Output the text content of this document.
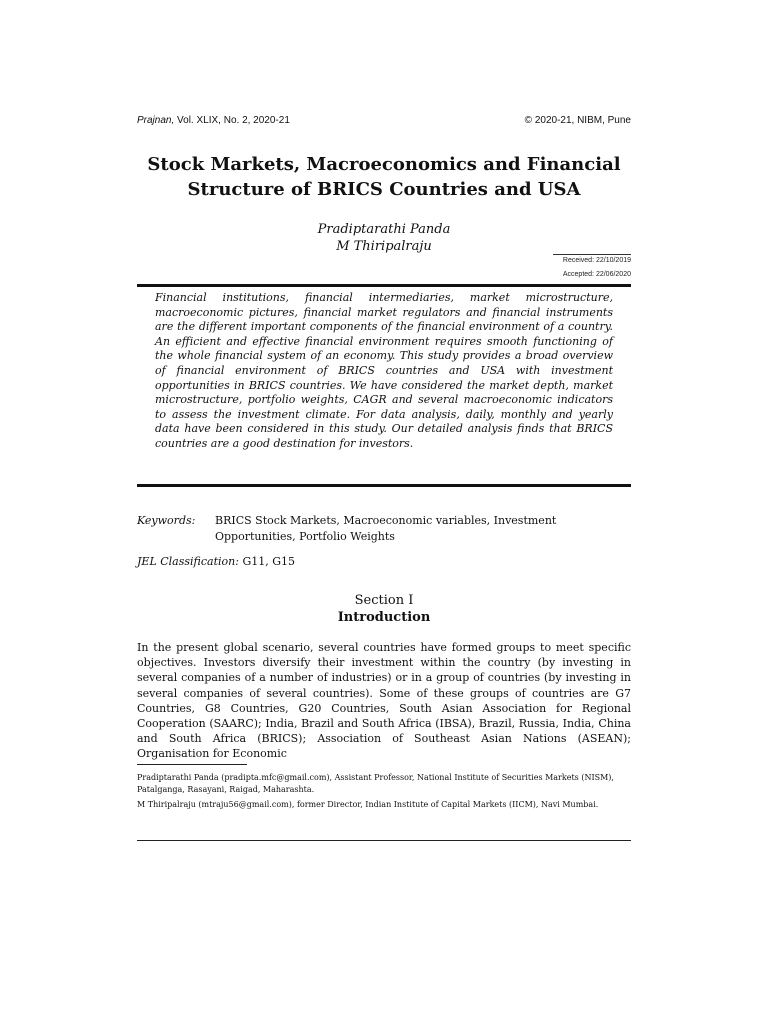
Prajnan, Vol. XLIX, No. 2, 2020-21	© 2020-21, NIBM, Pune
Stock Markets, Macroeconomics and Financial Structure of BRICS Countries and USA
Pradiptarathi Panda
M Thiripalraju
Received: 22/10/2019
Accepted: 22/06/2020
Financial institutions, financial intermediaries, market microstructure, macroeconomic pictures, financial market regulators and financial instruments are the different important components of the financial environment of a country. An efficient and effective financial environment requires smooth functioning of the whole financial system of an economy. This study provides a broad overview of financial environment of BRICS countries and USA with investment opportunities in BRICS countries. We have considered the market depth, market microstructure, portfolio weights, CAGR and several macroeconomic indicators to assess the investment climate. For data analysis, daily, monthly and yearly data have been considered in this study. Our detailed analysis finds that BRICS countries are a good destination for investors.
Keywords: BRICS Stock Markets, Macroeconomic variables, Investment Opportunities, Portfolio Weights
JEL Classification: G11, G15
Section I
Introduction
In the present global scenario, several countries have formed groups to meet specific objectives. Investors diversify their investment within the country (by investing in several companies of a number of industries) or in a group of countries (by investing in several companies of several countries). Some of these groups of countries are G7 Countries, G8 Countries, G20 Countries, South Asian Association for Regional Cooperation (SAARC); India, Brazil and South Africa (IBSA), Brazil, Russia, India, China and South Africa (BRICS); Association of Southeast Asian Nations (ASEAN); Organisation for Economic
Pradiptarathi Panda (pradipta.mfc@gmail.com), Assistant Professor, National Institute of Securities Markets (NISM), Patalganga, Rasayani, Raigad, Maharashta.
M Thiripalraju (mtraju56@gmail.com), former Director, Indian Institute of Capital Markets (IICM), Navi Mumbai.
